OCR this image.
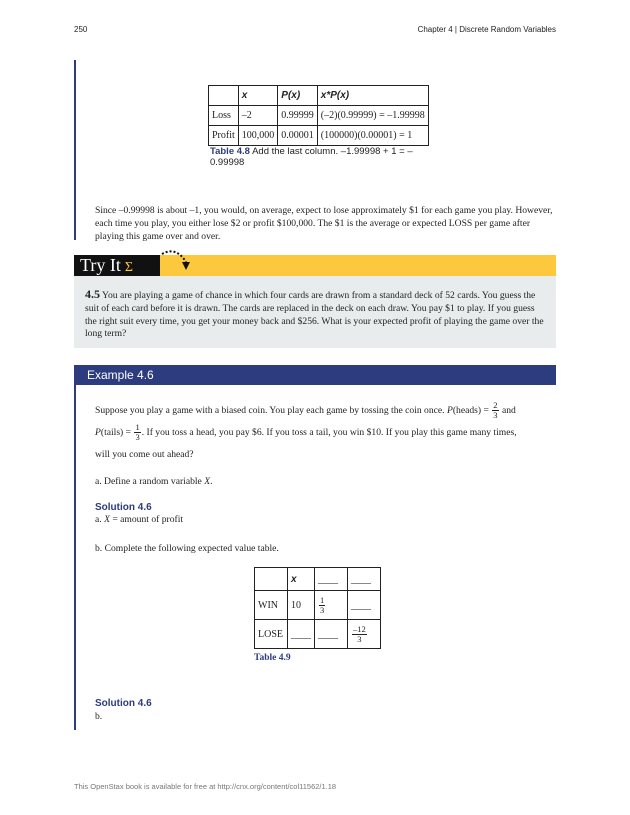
250	Chapter 4 | Discrete Random Variables
	x	P(x)	x*P(x)
Loss	–2	0.99999	(–2)(0.99999) = –1.99998
Profit	100,000	0.00001	(100000)(0.00001) = 1
Table 4.8 Add the last column. –1.99998 + 1 = –0.99998
Since –0.99998 is about –1, you would, on average, expect to lose approximately $1 for each game you play. However, each time you play, you either lose $2 or profit $100,000. The $1 is the average or expected LOSS per game after playing this game over and over.
Try It Σ
4.5 You are playing a game of chance in which four cards are drawn from a standard deck of 52 cards. You guess the suit of each card before it is drawn. The cards are replaced in the deck on each draw. You pay $1 to play. If you guess the right suit every time, you get your money back and $256. What is your expected profit of playing the game over the long term?
Example 4.6
Suppose you play a game with a biased coin. You play each game by tossing the coin once. P(heads) = $\frac{2}{3}$ and
P(tails) = $\frac{1}{3}$ . If you toss a head, you pay $6. If you toss a tail, you win $10. If you play this game many times,
will you come out ahead?
a. Define a random variable X.
Solution 4.6
a. X = amount of profit
b. Complete the following expected value table.
	x	____	____
WIN	10	$\frac{1}{3}$	____
LOSE	____	____	$\frac{-12}{3}$
Table 4.9
Solution 4.6
b.
This OpenStax book is available for free at http://cnx.org/content/col11562/1.18
